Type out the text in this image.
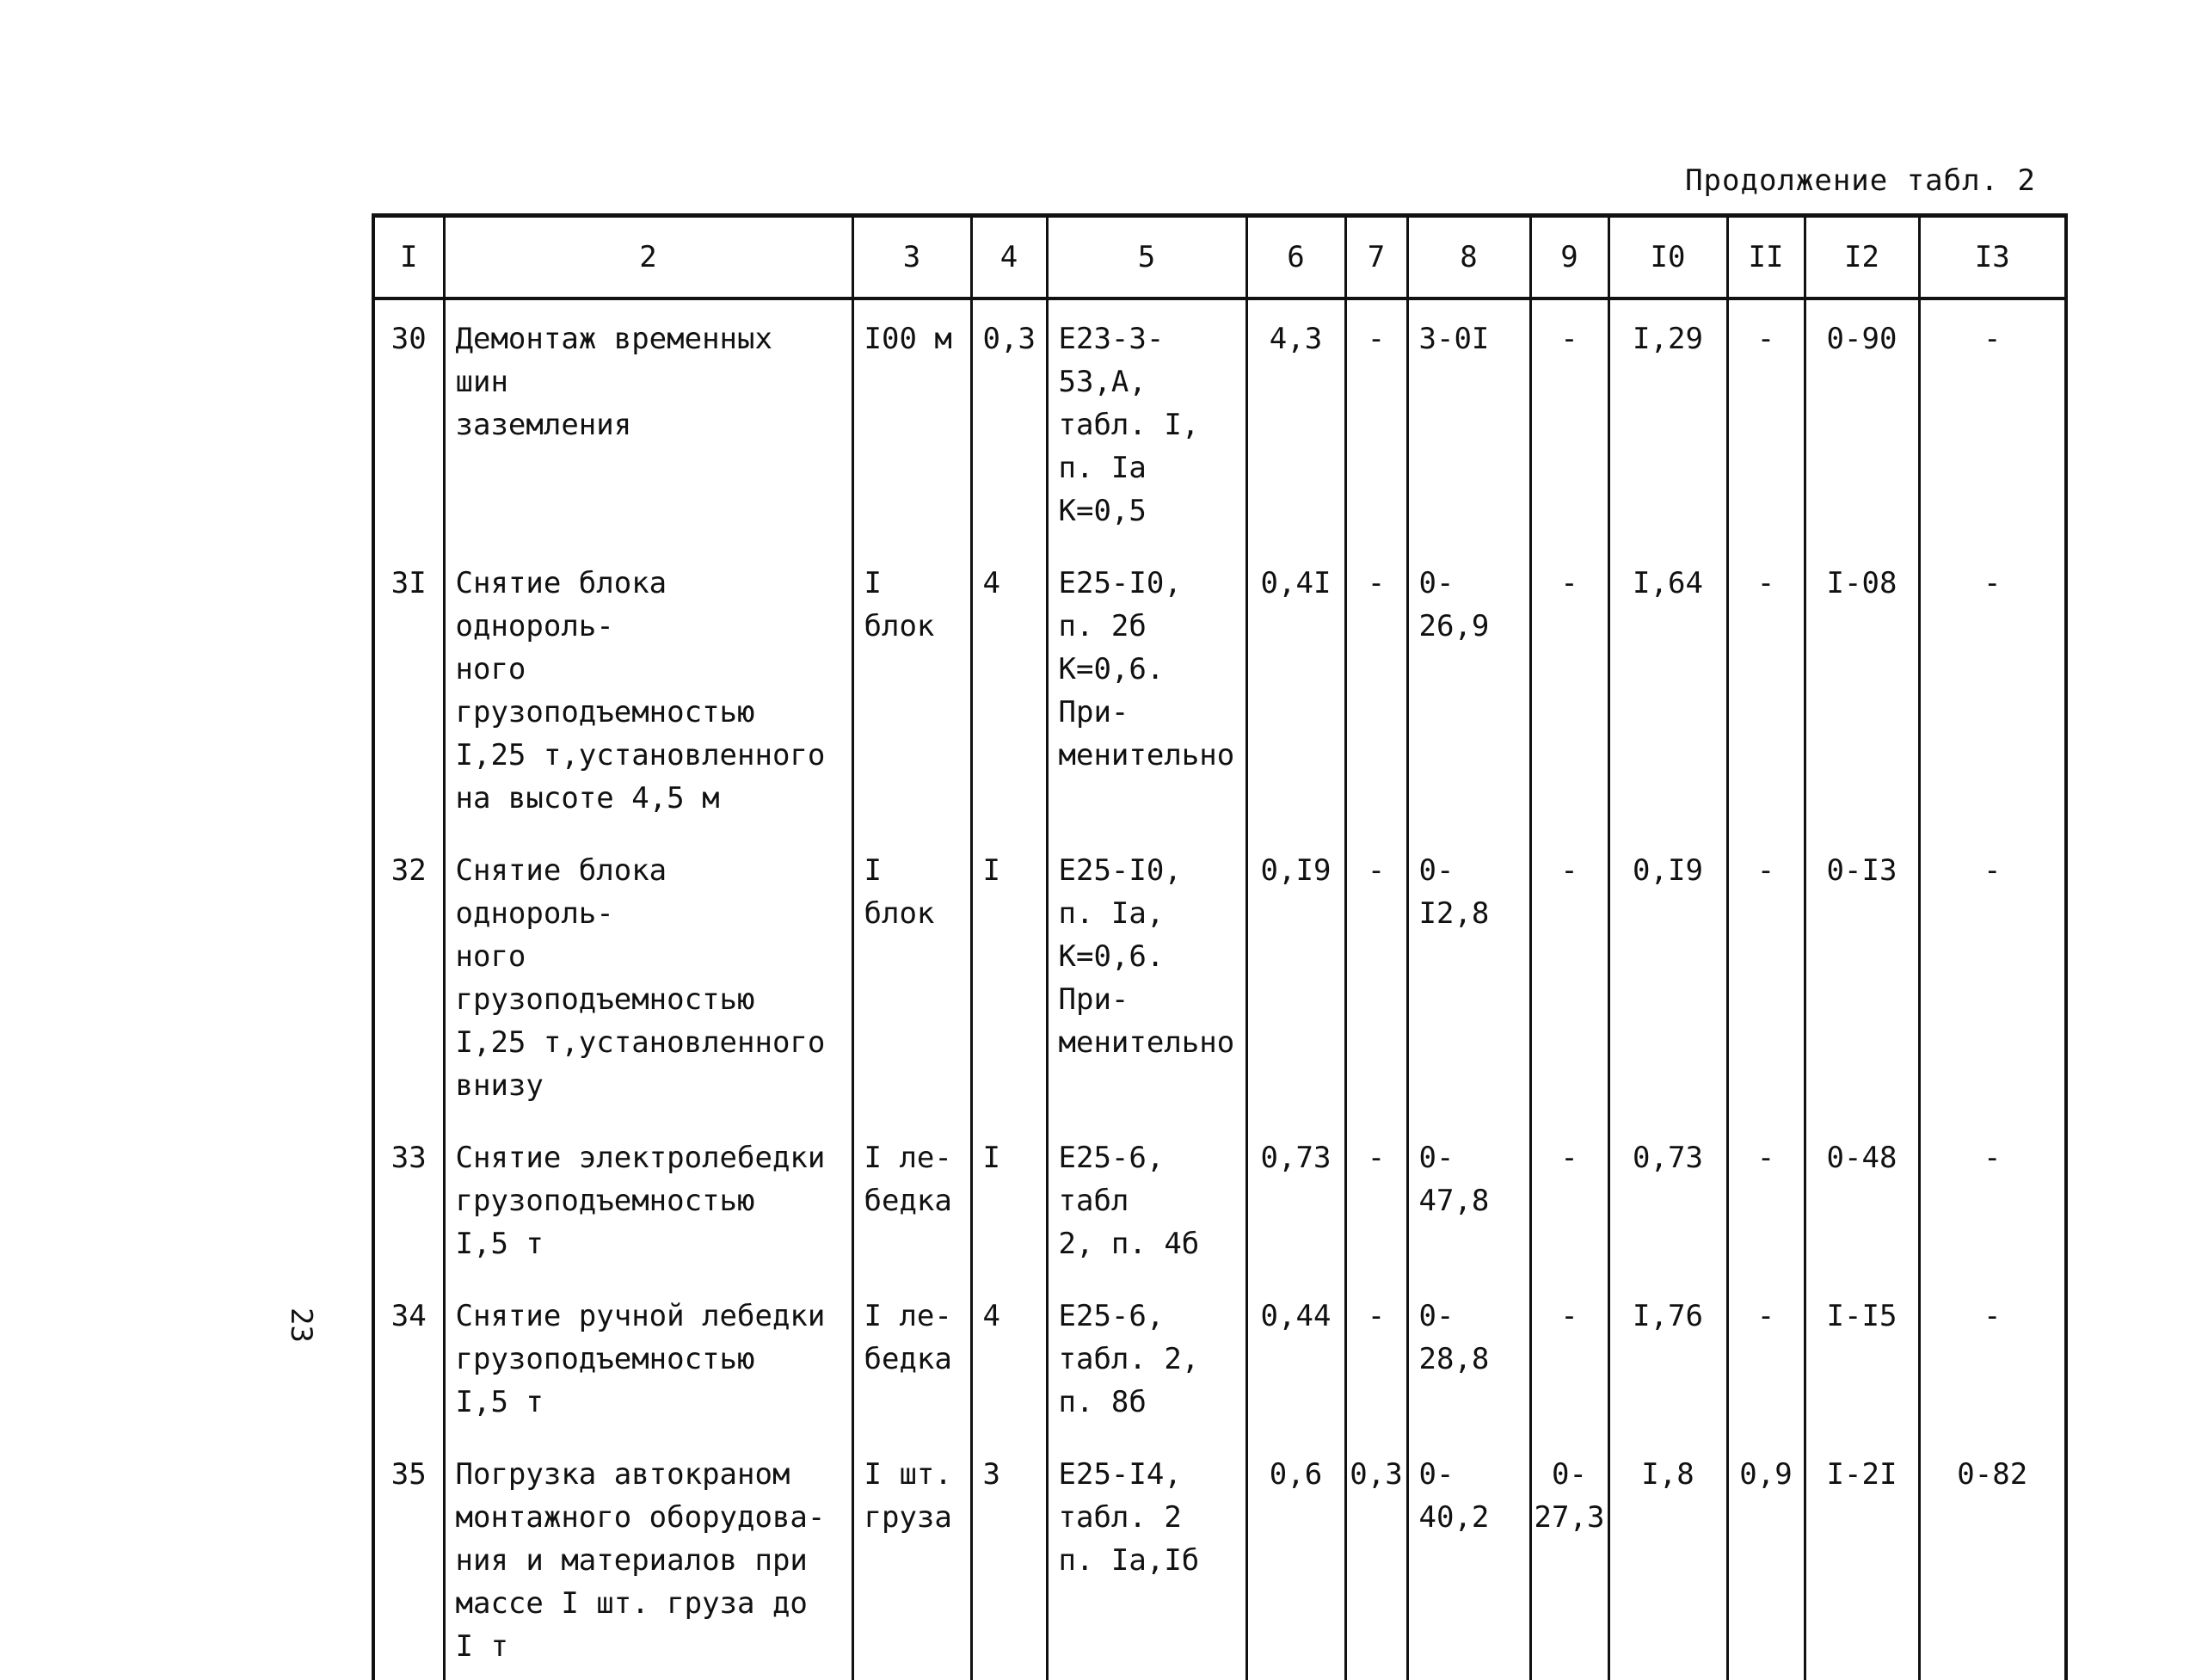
Продолжение табл. 2
23
I	2	3	4	5	6	7	8	9	I0	II	I2	I3
30	Демонтаж временных шин
заземления	I00 м	0,3	Е23-3-53,А,
табл. I,
п. Iа
К=0,5	4,3	-	3-0I	-	I,29	-	0-90	-
3I	Снятие блока однороль-
ного грузоподъемностью
I,25 т,установленного
на высоте 4,5 м	I блок	4	Е25-I0,
п. 2б
К=0,6. При-
менительно	0,4I	-	0-26,9	-	I,64	-	I-08	-
32	Снятие блока однороль-
ного грузоподъемностью
I,25 т,установленного
внизу	I блок	I	Е25-I0,
п. Iа,
К=0,6. При-
менительно	0,I9	-	0-I2,8	-	0,I9	-	0-I3	-
33	Снятие электролебедки
грузоподъемностью
I,5 т	I ле-
бедка	I	Е25-6, табл
2, п. 4б	0,73	-	0-47,8	-	0,73	-	0-48	-
34	Снятие ручной лебедки
грузоподъемностью
I,5 т	I ле-
бедка	4	Е25-6,
табл. 2,
п. 8б	0,44	-	0-28,8	-	I,76	-	I-I5	-
35	Погрузка автокраном
монтажного оборудова-
ния и материалов при
массе I шт. груза до
I т	I шт.
груза	3	Е25-I4,
табл. 2
п. Iа,Iб	0,6	0,3	0-40,2	0-27,3	I,8	0,9	I-2I	0-82
